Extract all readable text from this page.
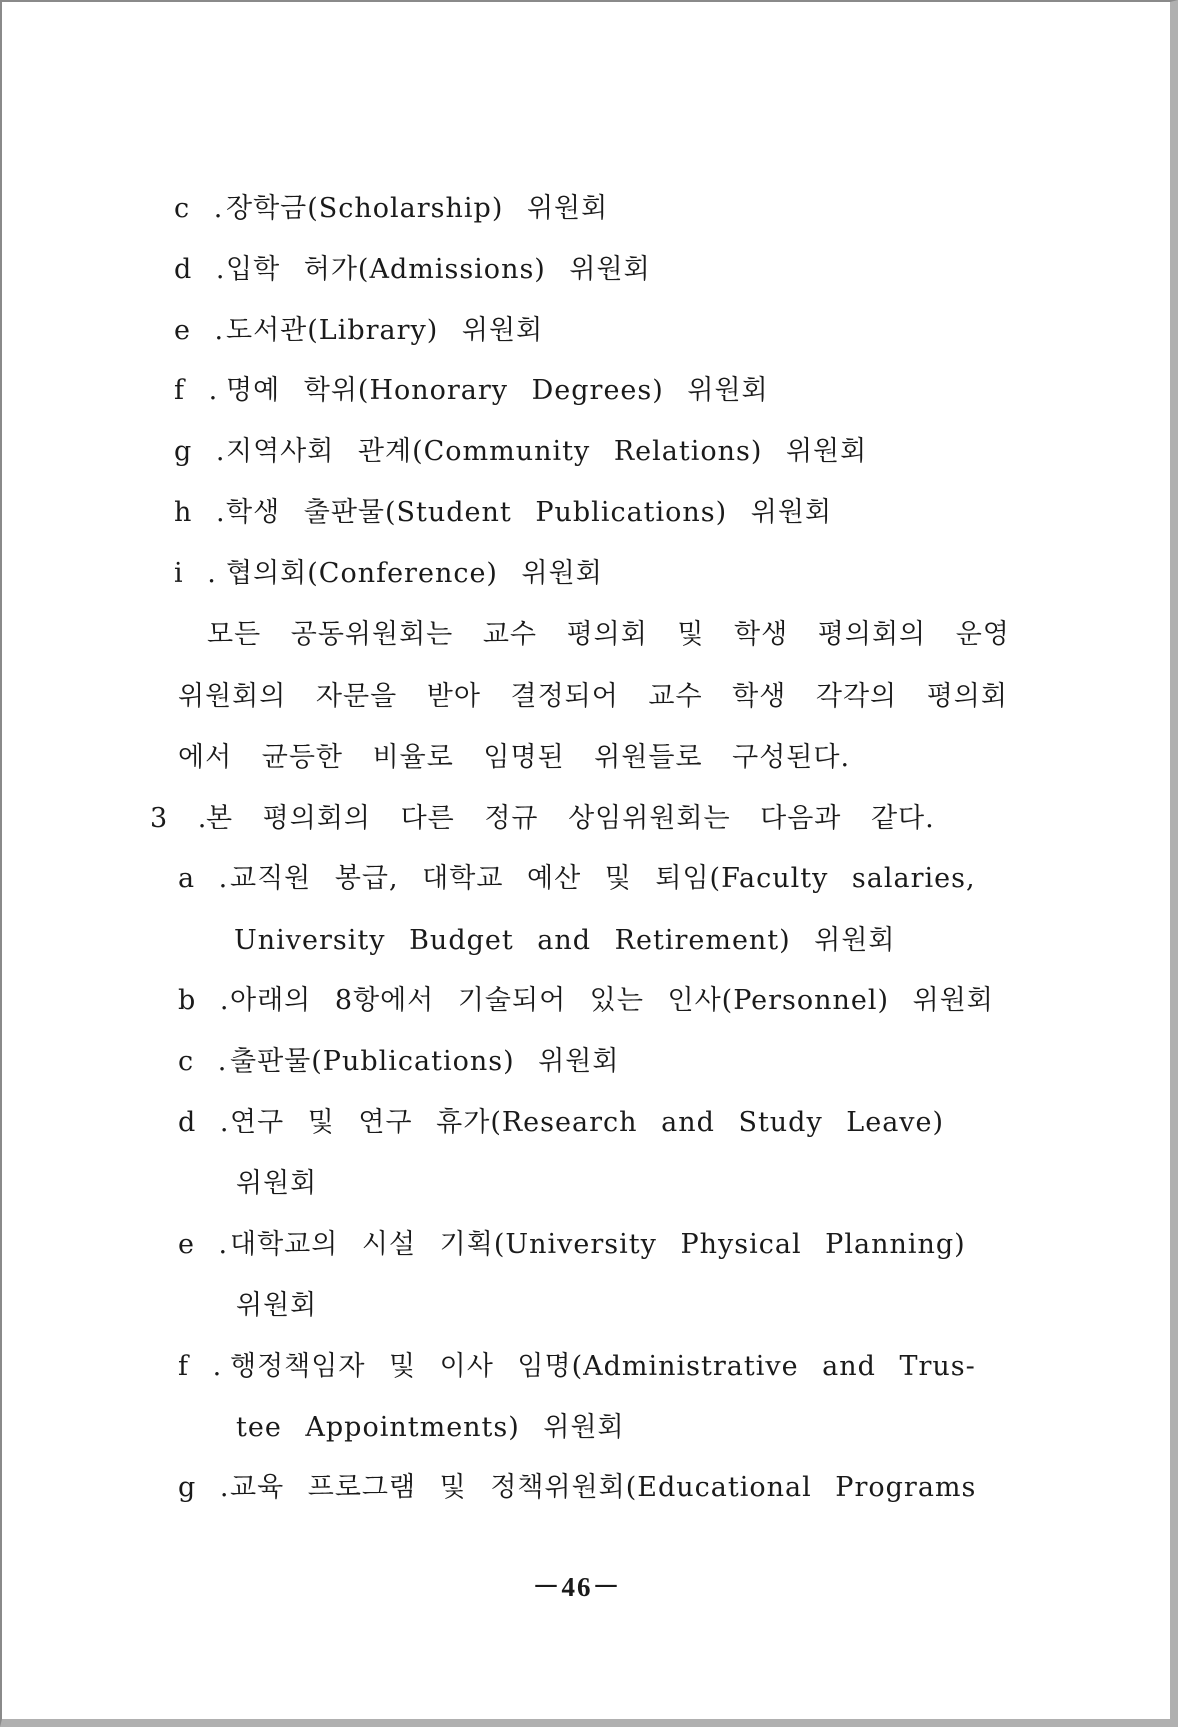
c . 장학금(Scholarship) 위원회
d .입학 허가(Admissions) 위원회
e .도서관(Library) 위원회
f . 명예 학위(Honorary Degrees) 위원회
g .지역사회 관계(Community Relations) 위원회
h .학생 출판물(Student Publications) 위원회
i . 협의회(Conference) 위원회
모든 공동위원회는 교수 평의회 및 학생 평의회의 운영
위원회의 자문을 받아 결정되어 교수 학생 각각의 평의회
에서 균등한 비율로 임명된 위원들로 구성된다.
3 .본 평의회의 다른 정규 상임위원회는 다음과 같다.
a .교직원 봉급, 대학교 예산 및 퇴임(Faculty salaries,
University Budget and Retirement) 위원회
b .아래의 8항에서 기술되어 있는 인사(Personnel) 위원회
c . 출판물(Publications) 위원회
d .연구 및 연구 휴가(Research and Study Leave)
위원회
e .대학교의 시설 기획(University Physical Planning)
위원회
f . 행정책임자 및 이사 임명(Administrative and Trus-
tee Appointments) 위원회
g .교육 프로그램 및 정책위원회(Educational Programs
－46－
